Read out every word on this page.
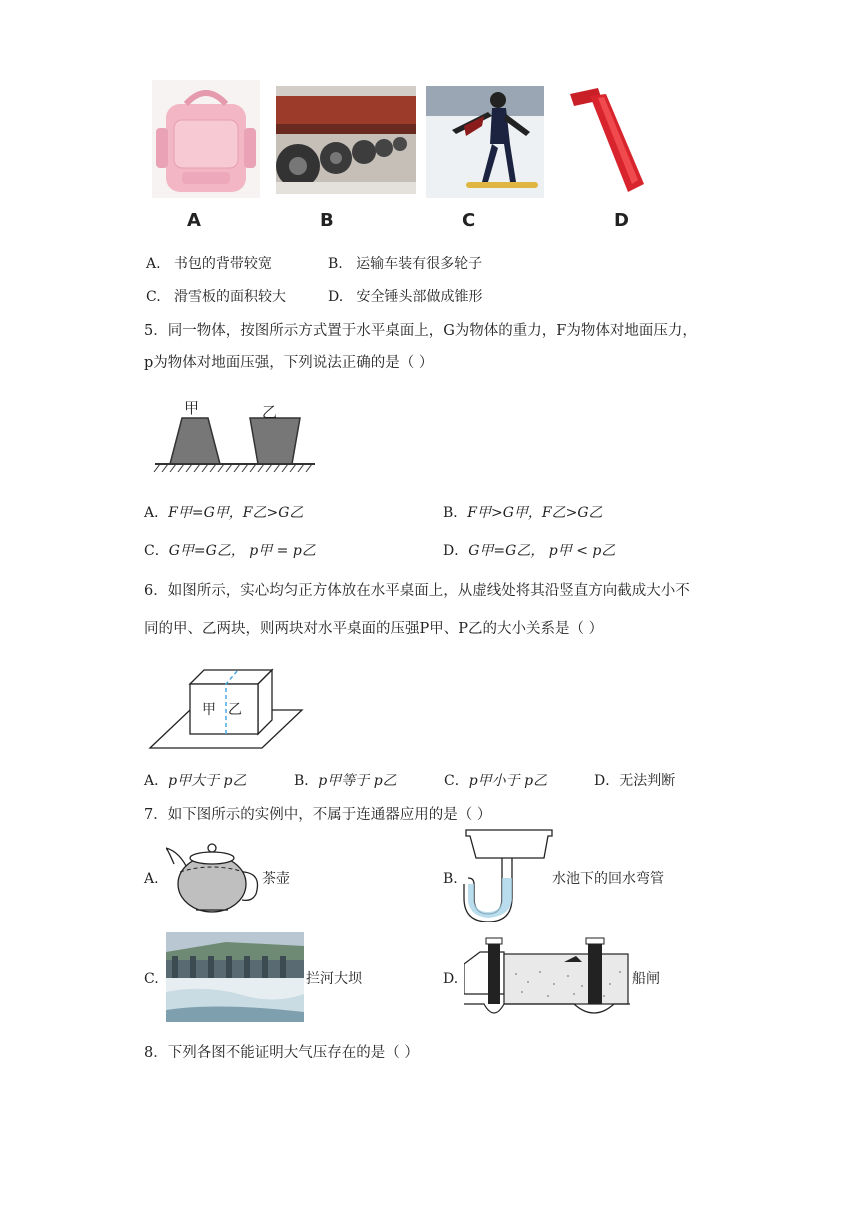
A	B	C	D
A. 书包的背带较宽	B. 运输车装有很多轮子
C. 滑雪板的面积较大	D. 安全锤头部做成锥形
5．同一物体，按图所示方式置于水平桌面上，G为物体的重力，F为物体对地面压力，
p为物体对地面压强，下列说法正确的是（ ）
甲	乙
A．F甲=G甲，F乙>G乙	B．F甲>G甲，F乙>G乙
C．G甲=G乙， p甲 = p乙	D．G甲=G乙， p甲 < p乙
6．如图所示，实心均匀正方体放在水平桌面上，从虚线处将其沿竖直方向截成大小不
同的甲、乙两块，则两块对水平桌面的压强P甲、P乙的大小关系是（ ）
甲 乙
A．p甲大于 p乙	B．p甲等于 p乙	C．p甲小于 p乙	D．无法判断
7．如下图所示的实例中，不属于连通器应用的是（ ）
A.	茶壶	B.	水池下的回水弯管
C.	拦河大坝	D.	船闸
8．下列各图不能证明大气压存在的是（ ）
